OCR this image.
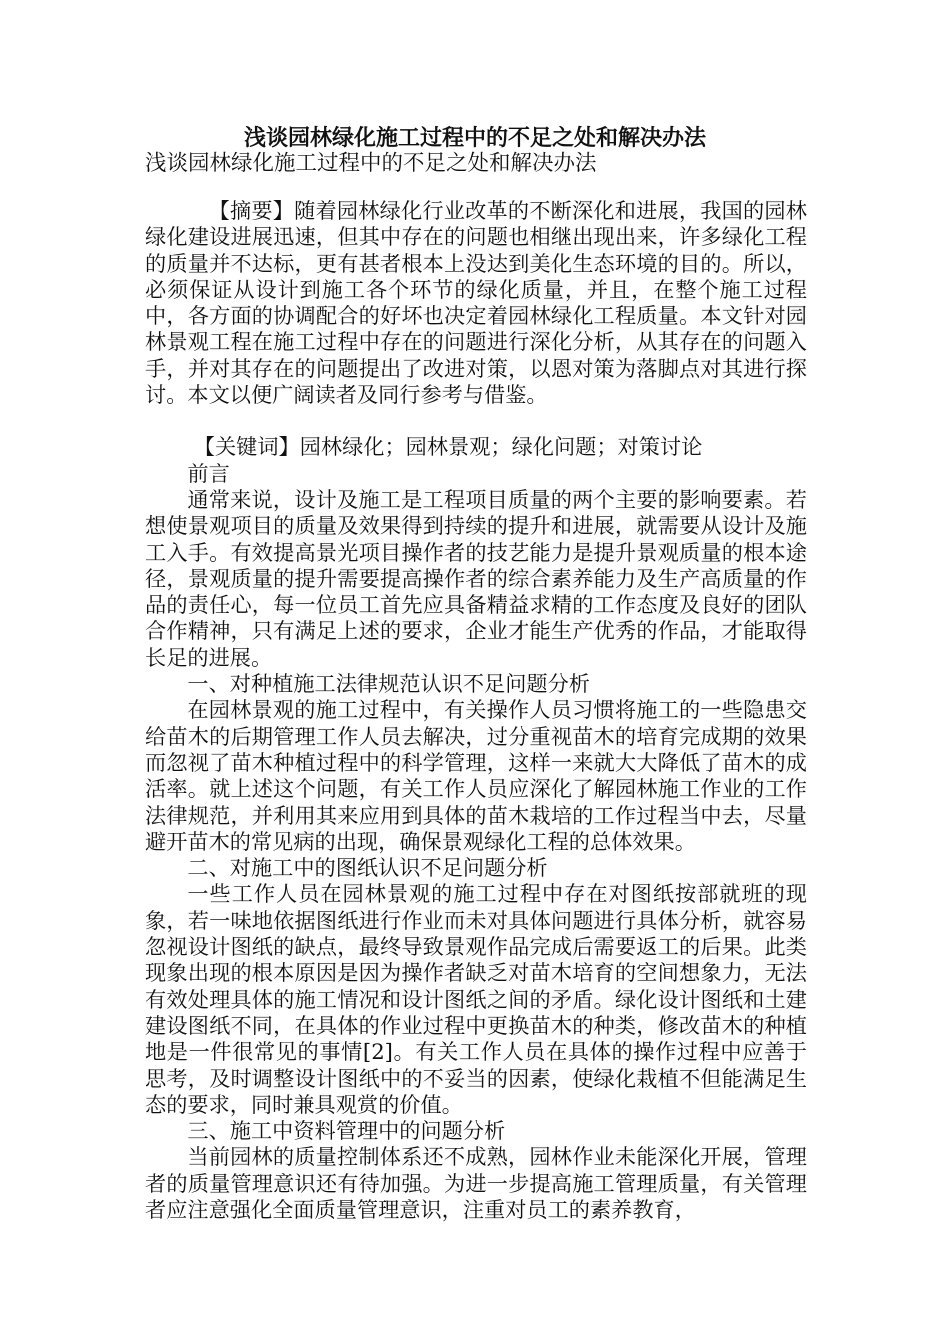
浅谈园林绿化施工过程中的不足之处和解决办法
浅谈园林绿化施工过程中的不足之处和解决办法

【摘要】随着园林绿化行业改革的不断深化和进展，我国的园林绿化建设进展迅速，但其中存在的问题也相继出现出来，许多绿化工程的质量并不达标，更有甚者根本上没达到美化生态环境的目的。所以，必须保证从设计到施工各个环节的绿化质量，并且，在整个施工过程中，各方面的协调配合的好坏也决定着园林绿化工程质量。本文针对园林景观工程在施工过程中存在的问题进行深化分析，从其存在的问题入手，并对其存在的问题提出了改进对策，以恩对策为落脚点对其进行探讨。本文以便广阔读者及同行参考与借鉴。

【关键词】园林绿化；园林景观；绿化问题；对策讨论

前言

通常来说，设计及施工是工程项目质量的两个主要的影响要素。若想使景观项目的质量及效果得到持续的提升和进展，就需要从设计及施工入手。有效提高景光项目操作者的技艺能力是提升景观质量的根本途径，景观质量的提升需要提高操作者的综合素养能力及生产高质量的作品的责任心，每一位员工首先应具备精益求精的工作态度及良好的团队合作精神，只有满足上述的要求，企业才能生产优秀的作品，才能取得长足的进展。

一、对种植施工法律规范认识不足问题分析

在园林景观的施工过程中，有关操作人员习惯将施工的一些隐患交给苗木的后期管理工作人员去解决，过分重视苗木的培育完成期的效果而忽视了苗木种植过程中的科学管理，这样一来就大大降低了苗木的成活率。就上述这个问题，有关工作人员应深化了解园林施工作业的工作法律规范，并利用其来应用到具体的苗木栽培的工作过程当中去，尽量避开苗木的常见病的出现，确保景观绿化工程的总体效果。

二、对施工中的图纸认识不足问题分析

一些工作人员在园林景观的施工过程中存在对图纸按部就班的现象，若一味地依据图纸进行作业而未对具体问题进行具体分析，就容易忽视设计图纸的缺点，最终导致景观作品完成后需要返工的后果。此类现象出现的根本原因是因为操作者缺乏对苗木培育的空间想象力，无法有效处理具体的施工情况和设计图纸之间的矛盾。绿化设计图纸和土建建设图纸不同，在具体的作业过程中更换苗木的种类，修改苗木的种植地是一件很常见的事情[2]。有关工作人员在具体的操作过程中应善于思考，及时调整设计图纸中的不妥当的因素，使绿化栽植不但能满足生态的要求，同时兼具观赏的价值。

三、施工中资料管理中的问题分析

当前园林的质量控制体系还不成熟，园林作业未能深化开展，管理者的质量管理意识还有待加强。为进一步提高施工管理质量，有关管理者应注意强化全面质量管理意识，注重对员工的素养教育，
